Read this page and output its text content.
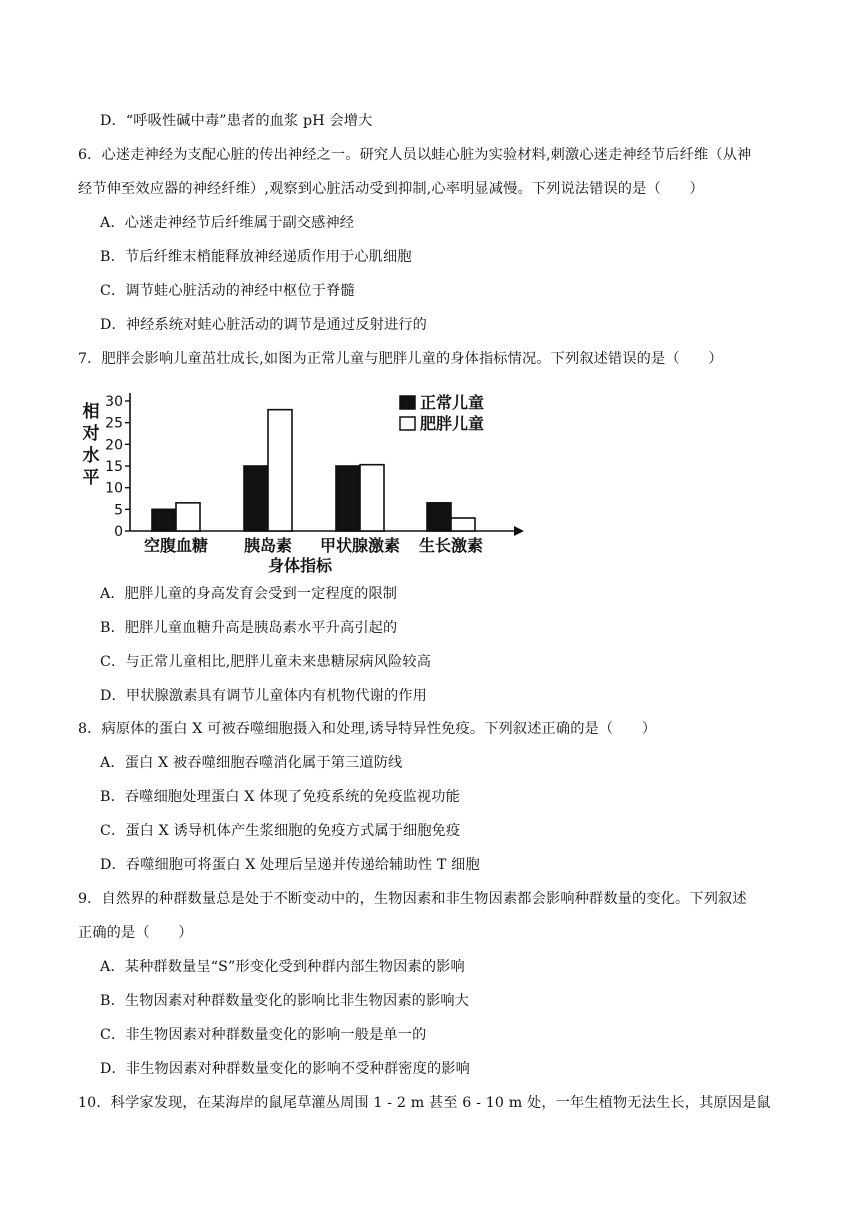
D．“呼吸性碱中毒”患者的血浆 pH 会增大
6．心迷走神经为支配心脏的传出神经之一。研究人员以蛙心脏为实验材料,刺激心迷走神经节后纤维（从神
经节伸至效应器的神经纤维）,观察到心脏活动受到抑制,心率明显减慢。下列说法错误的是（　　）
A．心迷走神经节后纤维属于副交感神经
B．节后纤维末梢能释放神经递质作用于心肌细胞
C．调节蛙心脏活动的神经中枢位于脊髓
D．神经系统对蛙心脏活动的调节是通过反射进行的
7．肥胖会影响儿童茁壮成长,如图为正常儿童与肥胖儿童的身体指标情况。下列叙述错误的是（　　）
相
对
水
平
0
5
10
15
20
25
30
空腹血糖 胰岛素 甲状腺激素 生长激素
身体指标
正常儿童
肥胖儿童
A．肥胖儿童的身高发育会受到一定程度的限制
B．肥胖儿童血糖升高是胰岛素水平升高引起的
C．与正常儿童相比,肥胖儿童未来患糖尿病风险较高
D．甲状腺激素具有调节儿童体内有机物代谢的作用
8．病原体的蛋白 X 可被吞噬细胞摄入和处理,诱导特异性免疫。下列叙述正确的是（　　）
A．蛋白 X 被吞噬细胞吞噬消化属于第三道防线
B．吞噬细胞处理蛋白 X 体现了免疫系统的免疫监视功能
C．蛋白 X 诱导机体产生浆细胞的免疫方式属于细胞免疫
D．吞噬细胞可将蛋白 X 处理后呈递并传递给辅助性 T 细胞
9．自然界的种群数量总是处于不断变动中的，生物因素和非生物因素都会影响种群数量的变化。下列叙述
正确的是（　　）
A．某种群数量呈“S”形变化受到种群内部生物因素的影响
B．生物因素对种群数量变化的影响比非生物因素的影响大
C．非生物因素对种群数量变化的影响一般是单一的
D．非生物因素对种群数量变化的影响不受种群密度的影响
10．科学家发现，在某海岸的鼠尾草灌丛周围 1 - 2 m 甚至 6 - 10 m 处，一年生植物无法生长，其原因是鼠
